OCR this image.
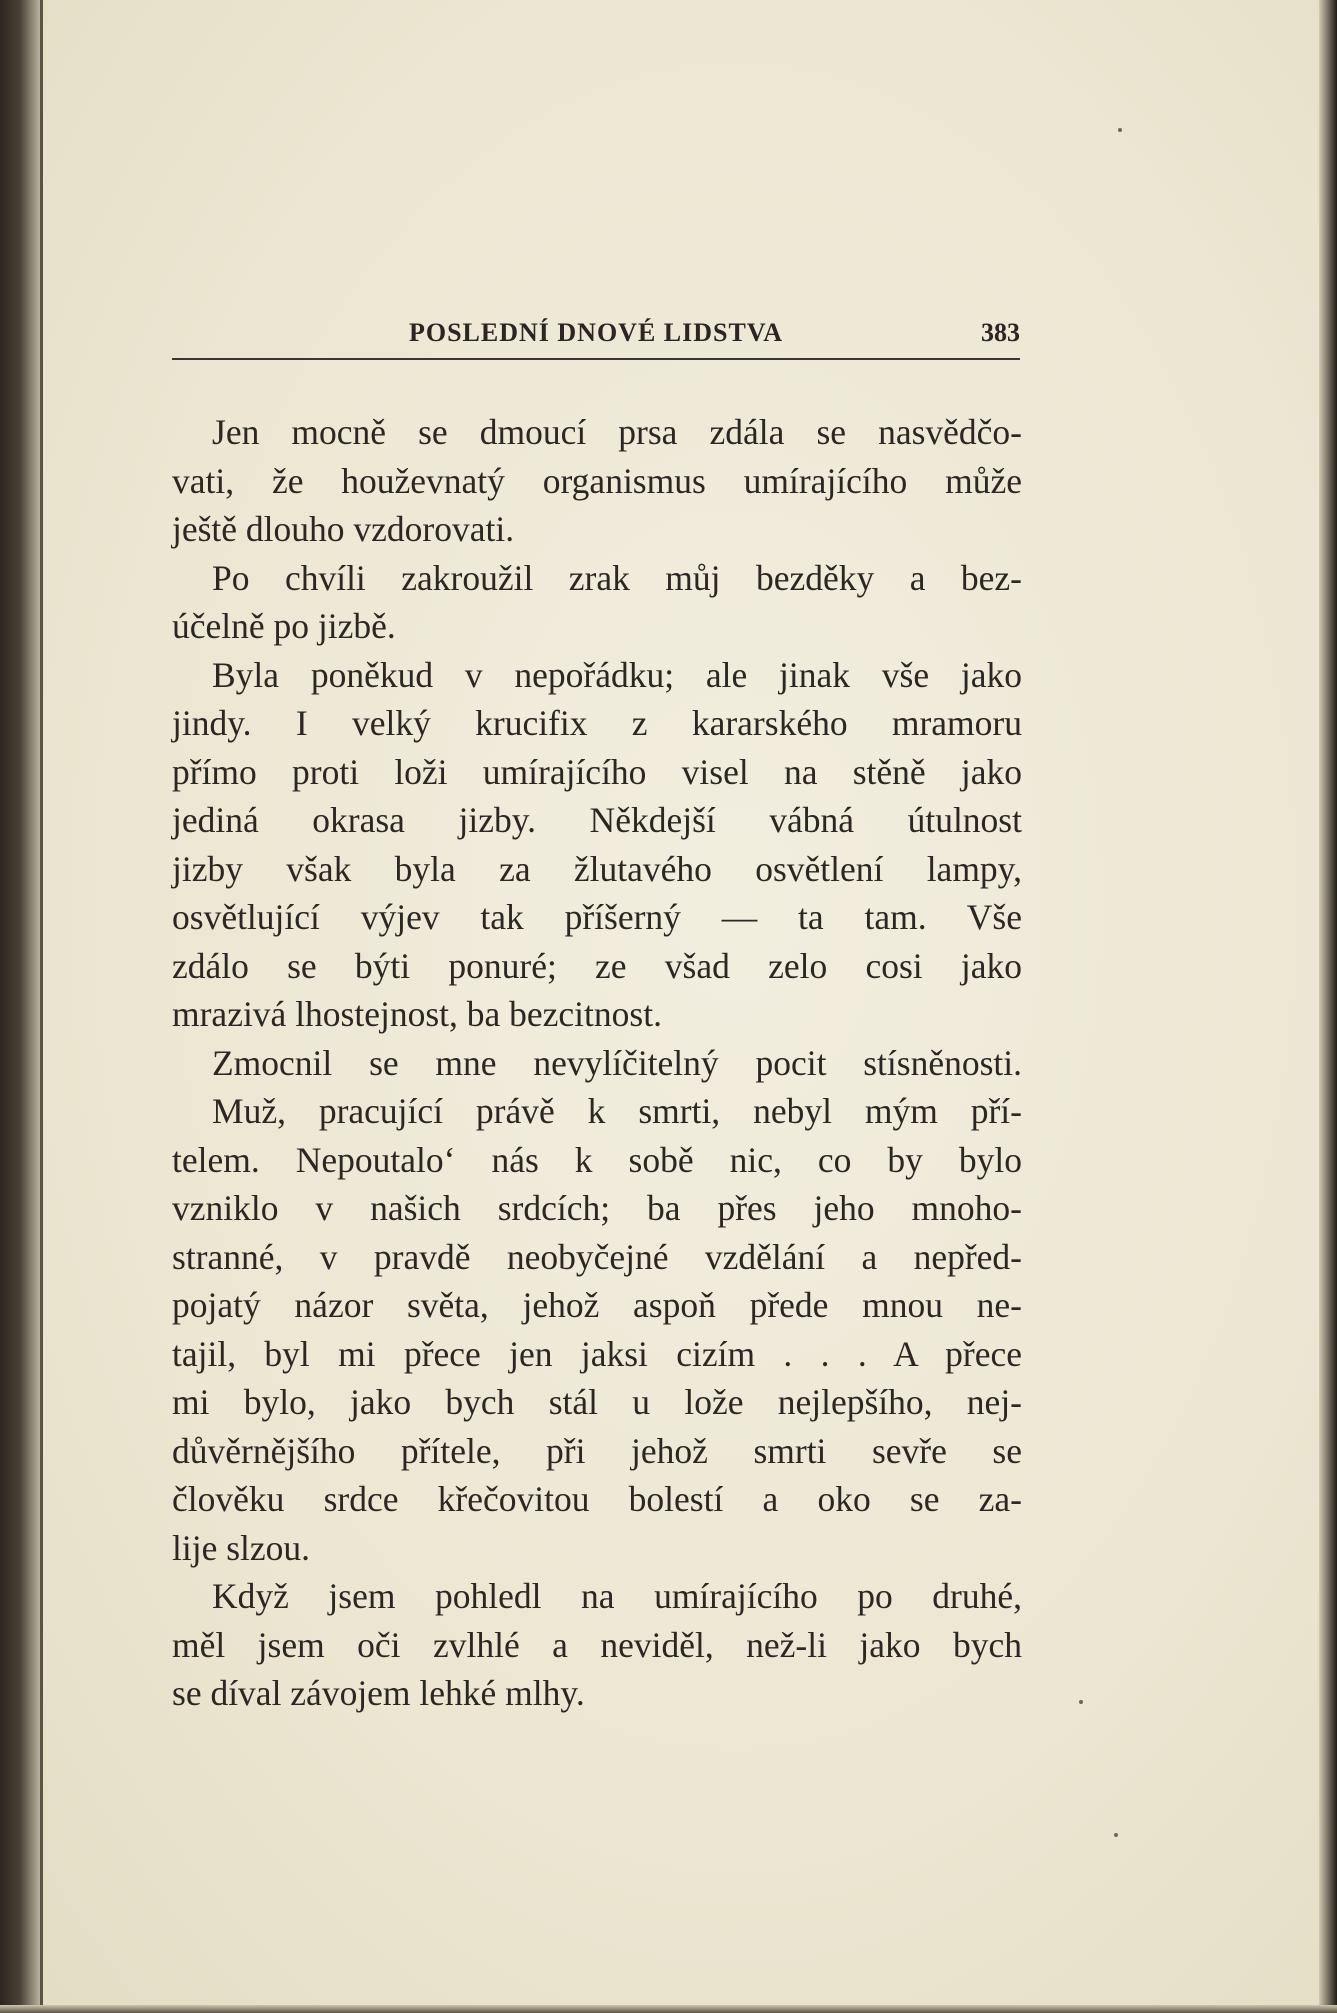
POSLEDNÍ DNOVÉ LIDSTVA	383
Jen mocně se dmoucí prsa zdála se nasvědčo-
vati, že houževnatý organismus umírajícího může
ještě dlouho vzdorovati.
Po chvíli zakroužil zrak můj bezděky a bez-
účelně po jizbě.
Byla poněkud v nepořádku; ale jinak vše jako
jindy. I velký krucifix z kararského mramoru
přímo proti loži umírajícího visel na stěně jako
jediná okrasa jizby. Někdejší vábná útulnost
jizby však byla za žlutavého osvětlení lampy,
osvětlující výjev tak příšerný — ta tam. Vše
zdálo se býti ponuré; ze všad zelo cosi jako
mrazivá lhostejnost, ba bezcitnost.
Zmocnil se mne nevylíčitelný pocit stísněnosti.
Muž, pracující právě k smrti, nebyl mým pří-
telem. Nepoutalo‘ nás k sobě nic, co by bylo
vzniklo v našich srdcích; ba přes jeho mnoho-
stranné, v pravdě neobyčejné vzdělání a nepřed-
pojatý názor světa, jehož aspoň přede mnou ne-
tajil, byl mi přece jen jaksi cizím . . . A přece
mi bylo, jako bych stál u lože nejlepšího, nej-
důvěrnějšího přítele, při jehož smrti sevře se
člověku srdce křečovitou bolestí a oko se za-
lije slzou.
Když jsem pohledl na umírajícího po druhé,
měl jsem oči zvlhlé a neviděl, než-li jako bych
se díval závojem lehké mlhy.
